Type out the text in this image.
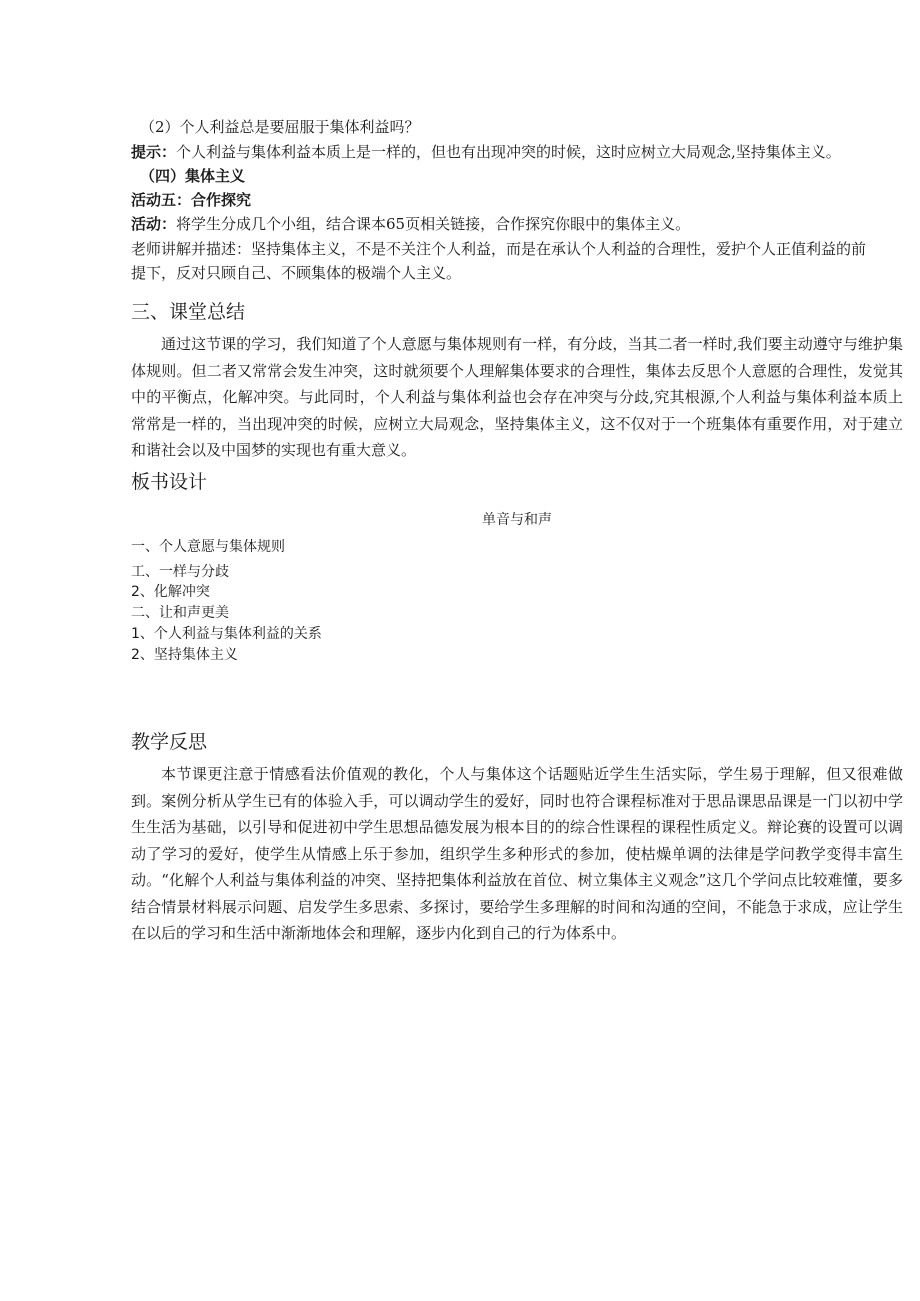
（2）个人利益总是要屈服于集体利益吗？
提示：个人利益与集体利益本质上是一样的，但也有出现冲突的时候，这时应树立大局观念,坚持集体主义。
（四）集体主义
活动五：合作探究
活动：将学生分成几个小组，结合课本65页相关链接，合作探究你眼中的集体主义。
老师讲解并描述：坚持集体主义，不是不关注个人利益，而是在承认个人利益的合理性，爱护个人正值利益的前
提下，反对只顾自己、不顾集体的极端个人主义。
三、课堂总结
通过这节课的学习，我们知道了个人意愿与集体规则有一样，有分歧，当其二者一样时,我们要主动遵守与维护集体规则。但二者又常常会发生冲突，这时就须要个人理解集体要求的合理性，集体去反思个人意愿的合理性，发觉其中的平衡点，化解冲突。与此同时，个人利益与集体利益也会存在冲突与分歧,究其根源,个人利益与集体利益本质上常常是一样的，当出现冲突的时候，应树立大局观念，坚持集体主义，这不仅对于一个班集体有重要作用，对于建立和谐社会以及中国梦的实现也有重大意义。
板书设计
单音与和声
一、个人意愿与集体规则
工、一样与分歧
2、化解冲突
二、让和声更美
1、个人利益与集体利益的关系
2、坚持集体主义
教学反思
本节课更注意于情感看法价值观的教化，个人与集体这个话题贴近学生生活实际，学生易于理解，但又很难做到。案例分析从学生已有的体验入手，可以调动学生的爱好，同时也符合课程标准对于思品课思品课是一门以初中学生生活为基础，以引导和促进初中学生思想品德发展为根本目的的综合性课程的课程性质定义。辩论赛的设置可以调动了学习的爱好，使学生从情感上乐于参加，组织学生多种形式的参加，使枯燥单调的法律是学问教学变得丰富生动。“化解个人利益与集体利益的冲突、坚持把集体利益放在首位、树立集体主义观念”这几个学问点比较难懂，要多结合情景材料展示问题、启发学生多思索、多探讨，要给学生多理解的时间和沟通的空间，不能急于求成，应让学生在以后的学习和生活中渐渐地体会和理解，逐步内化到自己的行为体系中。
